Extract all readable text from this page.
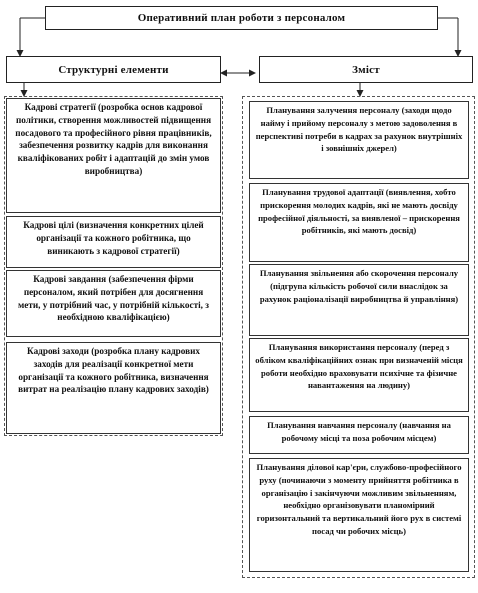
Оперативний план роботи з персоналом
Структурні елементи	Зміст
Кадрові стратегії (розробка основ кадрової політики, створення можливостей підвищення посадового та професійного рівня працівників, забезпечення розвитку кадрів для виконання кваліфікованих робіт і адаптацій до змін умов виробництва)
Кадрові цілі (визначення конкретних цілей організації та кожного робітника, що виникають з кадрової стратегії)
Кадрові завдання (забезпечення фірми персоналом, який потрібен для досягнення мети, у потрібний час, у потрібній кількості, з необхідною кваліфікацією)
Кадрові заходи (розробка плану кадрових заходів для реалізації конкретної мети організації та кожного робітника, визначення витрат на реалізацію плану кадрових заходів)
Планування залучення персоналу (заходи щодо найму і прийому персоналу з метою задоволення в перспективі потреби в кадрах за рахунок внутрішніх і зовнішніх джерел)
Планування трудової адаптації (виявлення, хобто прискорення молодих кадрів, які не мають досвіду професійної діяльності, за виявленої – прискорення робітників, які мають досвід)
Планування звільнення або скорочення персоналу (підгрупа кількість робочої сили внаслідок за рахунок раціоналізації виробництва й управління)
Планування використання персоналу (перед з обліком кваліфікаційних ознак при визначеній місця роботи необхідно враховувати психічне та фізичне навантаження на людину)
Планування навчання персоналу (навчання на робочому місці та поза робочим місцем)
Планування ділової кар'єри, службово-професійного руху (починаючи з моменту прийняття робітника в організацію і закінчуючи можливим звільненням, необхідно організовувати планомірний горизонтальний та вертикальний його рух в системі посад чи робочих місць)
